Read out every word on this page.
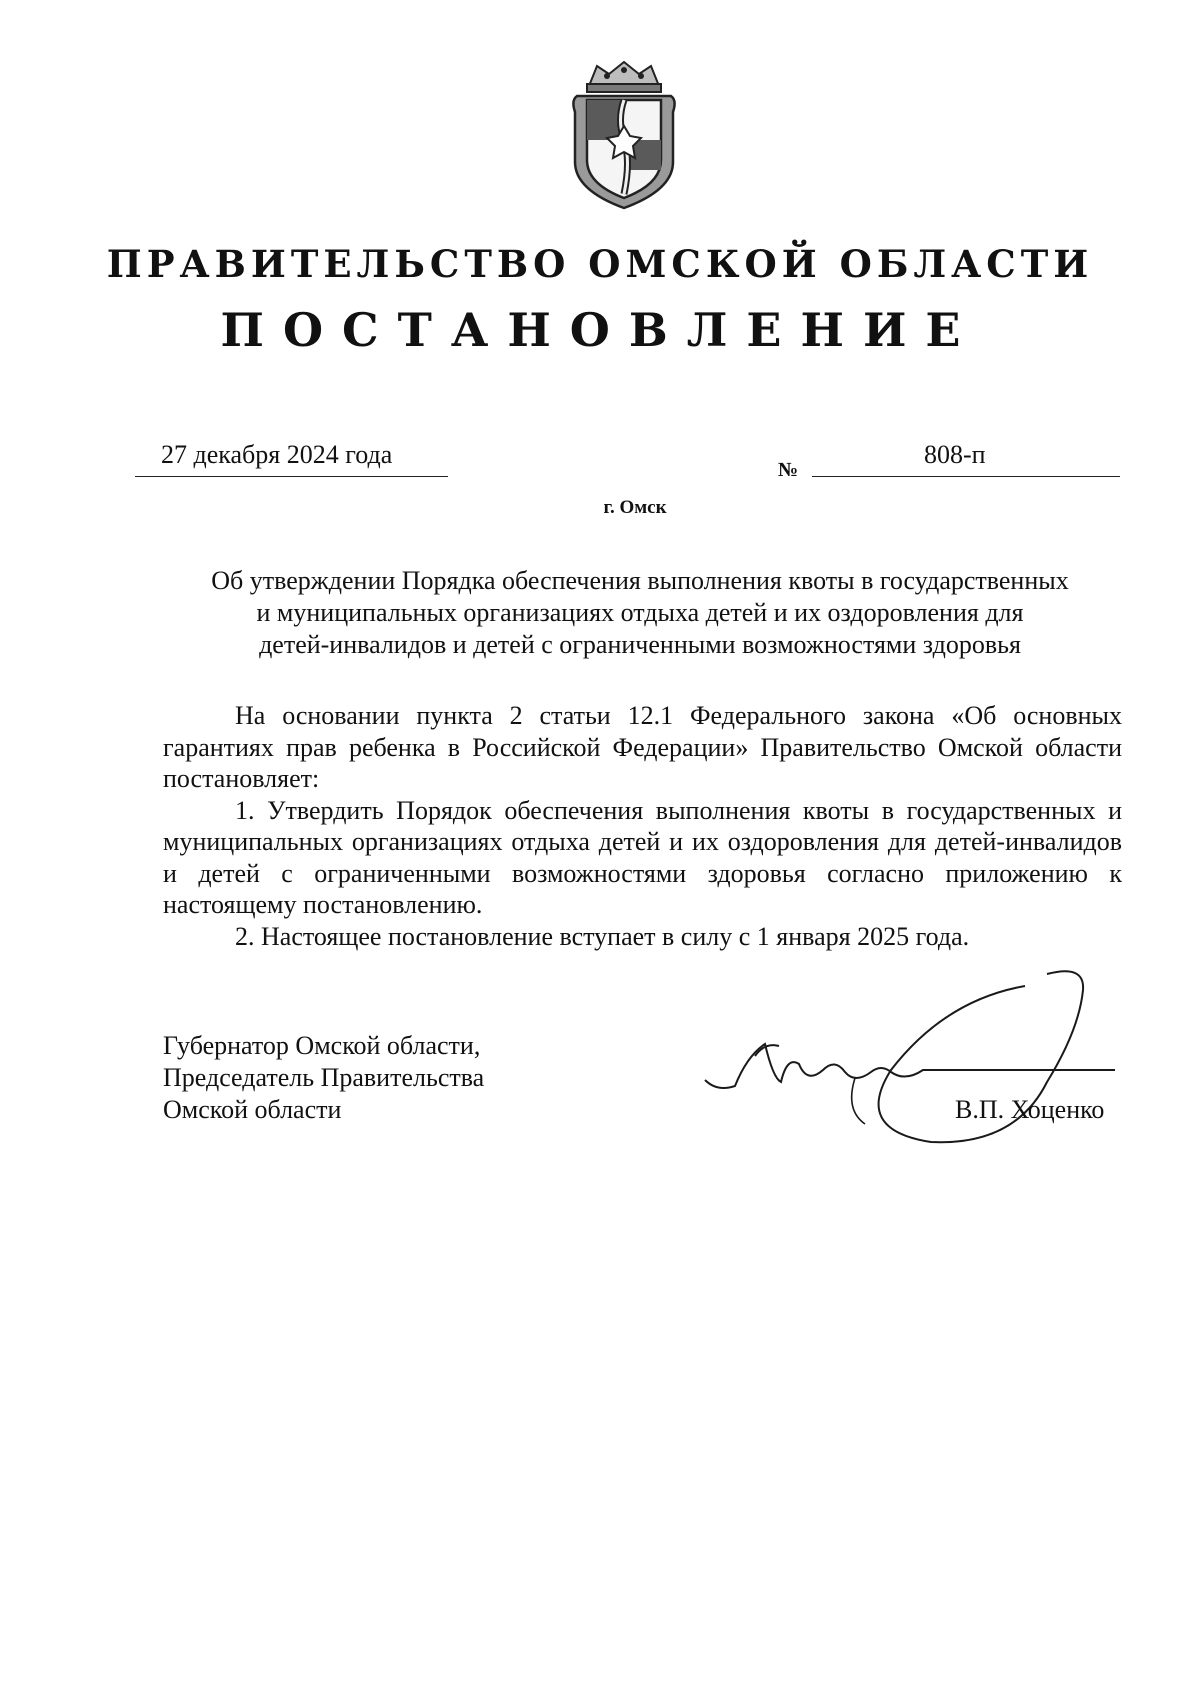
ПРАВИТЕЛЬСТВО ОМСКОЙ ОБЛАСТИ
ПОСТАНОВЛЕНИЕ
27 декабря 2024 года
№
808-п
г. Омск
Об утверждении Порядка обеспечения выполнения квоты в государственных
и муниципальных организациях отдыха детей и их оздоровления для
детей-инвалидов и детей с ограниченными возможностями здоровья

На основании пункта 2 статьи 12.1 Федерального закона «Об основных гарантиях прав ребенка в Российской Федерации» Правительство Омской области постановляет:

1. Утвердить Порядок обеспечения выполнения квоты в государственных и муниципальных организациях отдыха детей и их оздоровления для детей-инвалидов и детей с ограниченными возможностями здоровья согласно приложению к настоящему постановлению.

2. Настоящее постановление вступает в силу с 1 января 2025 года.

Губернатор Омской области,
Председатель Правительства
Омской области	В.П. Хоценко
